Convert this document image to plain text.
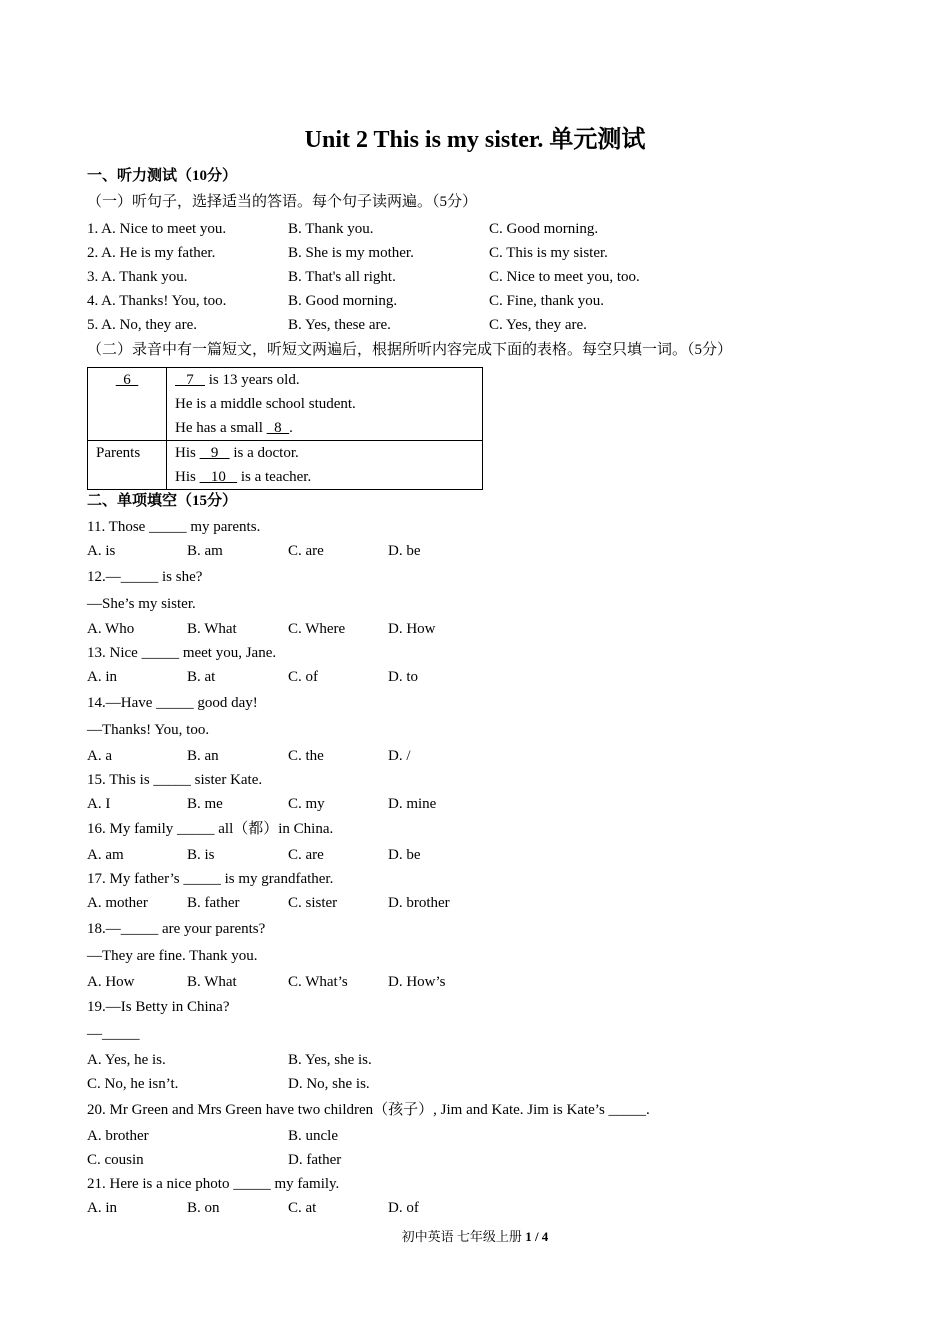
Unit 2 This is my sister. 单元测试
一、听力测试（10分）
（一）听句子，选择适当的答语。每个句子读两遍。（5分）
1. A. Nice to meet you.	B. Thank you.	C. Good morning.
2. A. He is my father.	B. She is my mother.	C. This is my sister.
3. A. Thank you.	B. That's all right.	C. Nice to meet you, too.
4. A. Thanks! You, too.	B. Good morning.	C. Fine, thank you.
5. A. No, they are.	B. Yes, these are.	C. Yes, they are.
（二）录音中有一篇短文，听短文两遍后，根据所听内容完成下面的表格。每空只填一词。（5分）
6	7    is 13 years old.
He is a middle school student.
He has a small   8  .

Parents	His    9    is a doctor.
His    10    is a teacher.
二、单项填空（15分）
11. Those _____ my parents.
A. is	B. am	C. are	D. be
12.—_____ is she?
—She’s my sister.
A. Who	B. What	C. Where	D. How
13. Nice _____ meet you, Jane.
A. in	B. at	C. of	D. to
14.—Have _____ good day!
—Thanks! You, too.
A. a	B. an	C. the	D. /
15. This is _____ sister Kate.
A. I	B. me	C. my	D. mine
16. My family _____ all（都）in China.
A. am	B. is	C. are	D. be
17. My father’s _____ is my grandfather.
A. mother	B. father	C. sister	D. brother
18.—_____ are your parents?
—They are fine. Thank you.
A. How	B. What	C. What’s	D. How’s
19.—Is Betty in China?
—_____
A. Yes, he is.	B. Yes, she is.
C. No, he isn’t.	D. No, she is.
20. Mr Green and Mrs Green have two children（孩子）, Jim and Kate. Jim is Kate’s _____.
A. brother	B. uncle
C. cousin	D. father
21. Here is a nice photo _____ my family.
A. in	B. on	C. at	D. of
初中英语 七年级上册 1 / 4
